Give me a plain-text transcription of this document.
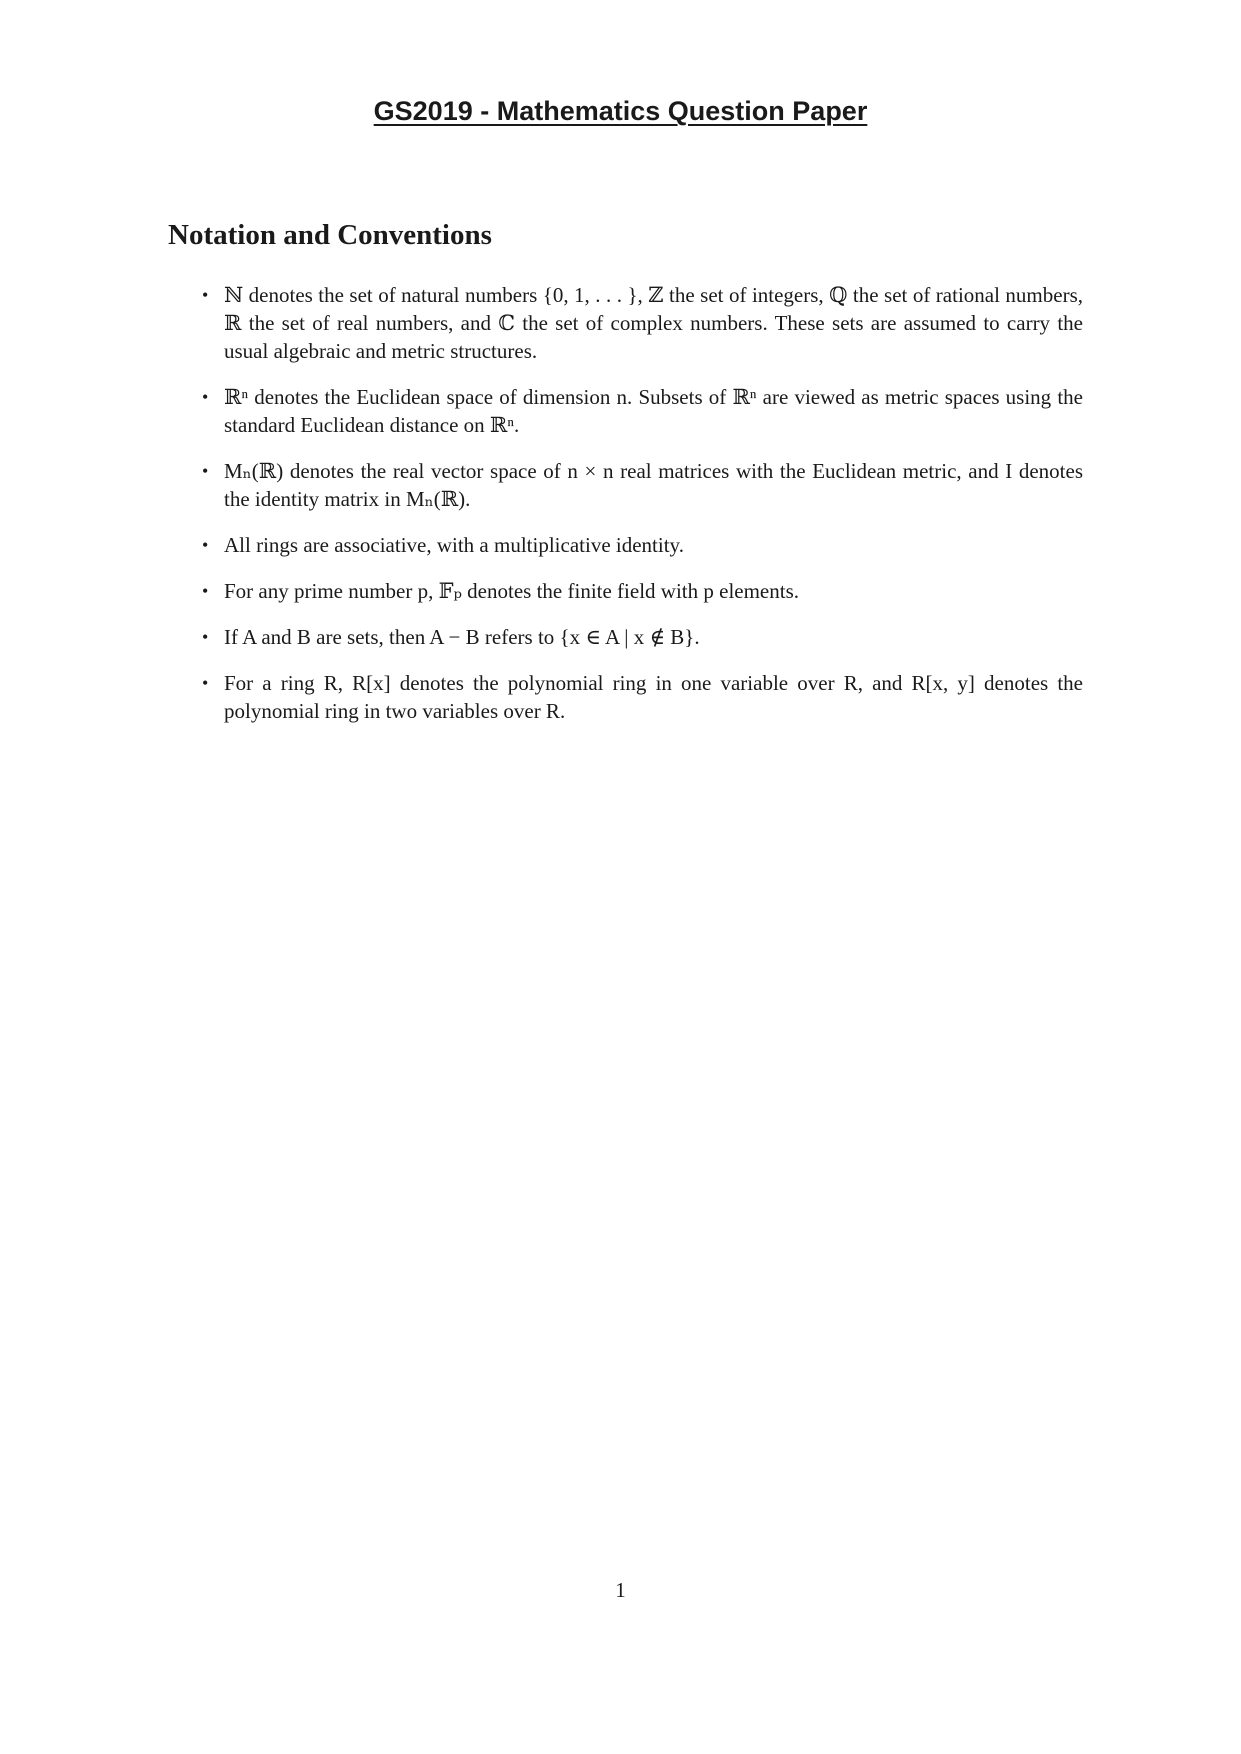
GS2019 - Mathematics Question Paper
Notation and Conventions
• ℕ denotes the set of natural numbers {0, 1, . . . }, ℤ the set of integers, ℚ the set of rational numbers, ℝ the set of real numbers, and ℂ the set of complex numbers. These sets are assumed to carry the usual algebraic and metric structures.
• ℝⁿ denotes the Euclidean space of dimension n. Subsets of ℝⁿ are viewed as metric spaces using the standard Euclidean distance on ℝⁿ.
• Mₙ(ℝ) denotes the real vector space of n × n real matrices with the Euclidean metric, and I denotes the identity matrix in Mₙ(ℝ).
• All rings are associative, with a multiplicative identity.
• For any prime number p, 𝔽ₚ denotes the finite field with p elements.
• If A and B are sets, then A − B refers to {x ∈ A | x ∉ B}.
• For a ring R, R[x] denotes the polynomial ring in one variable over R, and R[x, y] denotes the polynomial ring in two variables over R.
1
